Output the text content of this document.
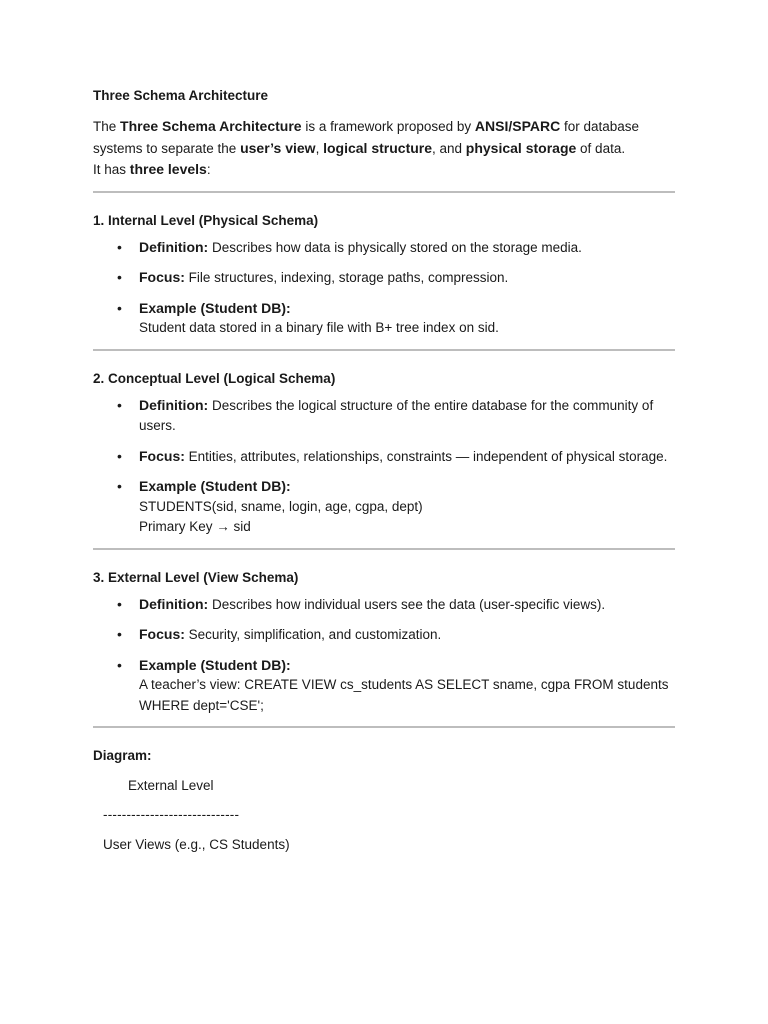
Three Schema Architecture

The Three Schema Architecture is a framework proposed by ANSI/SPARC for database systems to separate the user’s view, logical structure, and physical storage of data.
It has three levels:

1. Internal Level (Physical Schema)
• Definition: Describes how data is physically stored on the storage media.
• Focus: File structures, indexing, storage paths, compression.
• Example (Student DB):
Student data stored in a binary file with B+ tree index on sid.
2. Conceptual Level (Logical Schema)
• Definition: Describes the logical structure of the entire database for the community of users.
• Focus: Entities, attributes, relationships, constraints — independent of physical storage.
• Example (Student DB):
STUDENTS(sid, sname, login, age, cgpa, dept)
Primary Key → sid
3. External Level (View Schema)
• Definition: Describes how individual users see the data (user-specific views).
• Focus: Security, simplification, and customization.
• Example (Student DB):
A teacher’s view: CREATE VIEW cs_students AS SELECT sname, cgpa FROM students WHERE dept='CSE';
Diagram:
External Level
-----------------------------
User Views (e.g., CS Students)
